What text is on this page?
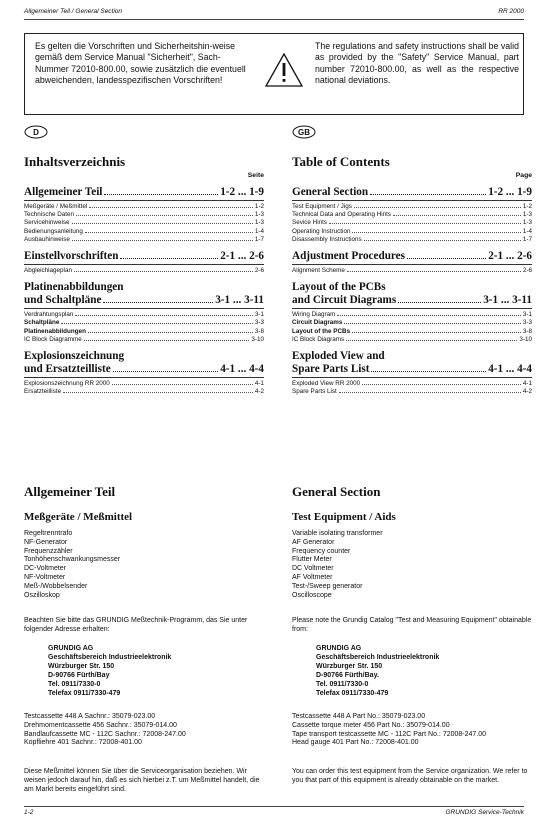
Allgemeiner Teil / General Section	RR 2000
Es gelten die Vorschriften und Sicherheitshin-weise gemäß dem Service Manual "Sicherheit", Sach-Nummer 72010-800.00, sowie zusätzlich die eventuell abweichenden, landesspezifischen Vorschriften!
The regulations and safety instructions shall be valid as provided by the "Safety" Service Manual, part number 72010-800.00, as well as the respective national deviations.
D	GB
Inhaltsverzeichnis	Table of Contents
Seite	Page
Allgemeiner Teil	1-2 ... 1-9
Meßgeräte / Meßmittel	1-2
Technische Daten	1-3
Servicehinweise	1-3
Bedienungsanleitung	1-4
Ausbauhinweise	1-7
Einstellvorschriften	2-1 ... 2-6
Abgleichlageplan	2-6
Platinenabbildungen
und Schaltpläne	3-1 ... 3-11
Verdrahtungsplan	3-1
Schaltpläne	3-3
Platinenabbildungen	3-8
IC Block Diagramme	3-10
Explosionszeichnung
und Ersatzteilliste	4-1 ... 4-4
Explosionszeichnung RR 2000	4-1
Ersatzteilliste	4-2
General Section	1-2 ... 1-9
Test Equipment / Jigs	1-2
Technical Data and Operating Hints	1-3
Sevice Hints	1-3
Operating Instruction	1-4
Disassembly Instructions	1-7
Adjustment Procedures	2-1 ... 2-6
Alignment Scheme	2-6
Layout of the PCBs
and Circuit Diagrams	3-1 ... 3-11
Wiring Diagram	3-1
Circuit Diagrams	3-3
Layout of the PCBs	3-8
IC Block Diagrams	3-10
Exploded View and
Spare Parts List	4-1 ... 4-4
Exploded View RR 2000	4-1
Spare Parts List	4-2
Allgemeiner Teil	General Section
Meßgeräte / Meßmittel	Test Equipment / Aids
Regeltrenntrafo
NF-Generator
Frequenzzähler
Tonhöhenschwankungsmesser
DC-Voltmeter
NF-Voltmeter
Meß-/Wobbelsender
Oszilloskop
Variable isolating transformer
AF Generator
Frequency counter
Flutter Meter
DC Voltmeter
AF Voltmeter
Test-/Sweep generator
Oscilloscope
Beachten Sie bitte das GRUNDIG Meßtechnik-Programm, das Sie unter folgender Adresse erhalten:
Please note the Grundig Catalog "Test and Measuring Equipment" obtainable from:
GRUNDIG AG
Geschäftsbereich Industrieelektronik
Würzburger Str. 150
D-90766 Fürth/Bay
Tel. 0911/7330-0
Telefax 0911/7330-479
GRUNDIG AG
Geschäftsbereich Industrieelektronik
Würzburger Str. 150
D-90766 Fürth/Bay.
Tel. 0911/7330-0
Telefax 0911/7330-479
Testcassette 448 A Sachnr.: 35079-023.00
Drehmomentcassette 456 Sachnr.: 35079-014.00
Bandlaufcassette MC - 112C Sachnr.: 72008-247.00
Kopfliehre 401 Sachnr.: 72008-401.00
Testcassette 448 A Part No.: 35079-023.00
Cassette torque meter 456 Part No.: 35079-014.00
Tape transport testcassette MC - 112C Part No.: 72008-247.00
Head gauge 401 Part No.: 72008-401.00
Diese Meßmittel können Sie über die Serviceorganisation beziehen. Wir weisen jedoch darauf hin, daß es sich hierbei z.T. um Meßmittel handelt, die am Markt bereits eingeführt sind.
You can order this test equipment from the Service organization. We refer to you that part of this equipment is already obtainable on the market.
1-2	GRUNDIG Service-Technik
